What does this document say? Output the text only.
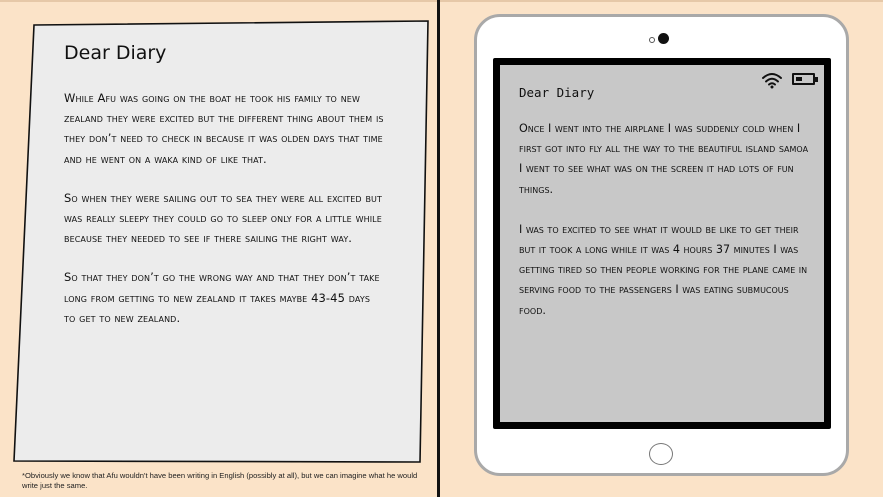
Dear Diary

While Afu was going on the boat he took his family to new zealand they were excited but the different thing about them is they don’t need to check in because it was olden days that time and he went on a waka kind of like that.

So when they were sailing out to sea they were all excited but was really sleepy they could go to sleep only for a little while because they needed to see if there sailing the right way.

So that they don’t go the wrong way and that they don’t take long from getting to new zealand it takes maybe 43-45 days to get to new zealand.

*Obviously we know that Afu wouldn't have been writing in English (possibly at all), but we can imagine what he would write just the same.
Dear Diary

Once I went into the airplane I was suddenly cold when I first got into fly all the way to the beautiful island samoa I went to see what was on the screen it had lots of fun things.

I was to excited to see what it would be like to get their but it took a long while it was 4 hours 37 minutes I was getting tired so then people working for the plane came in serving food to the passengers I was eating submucous food.
